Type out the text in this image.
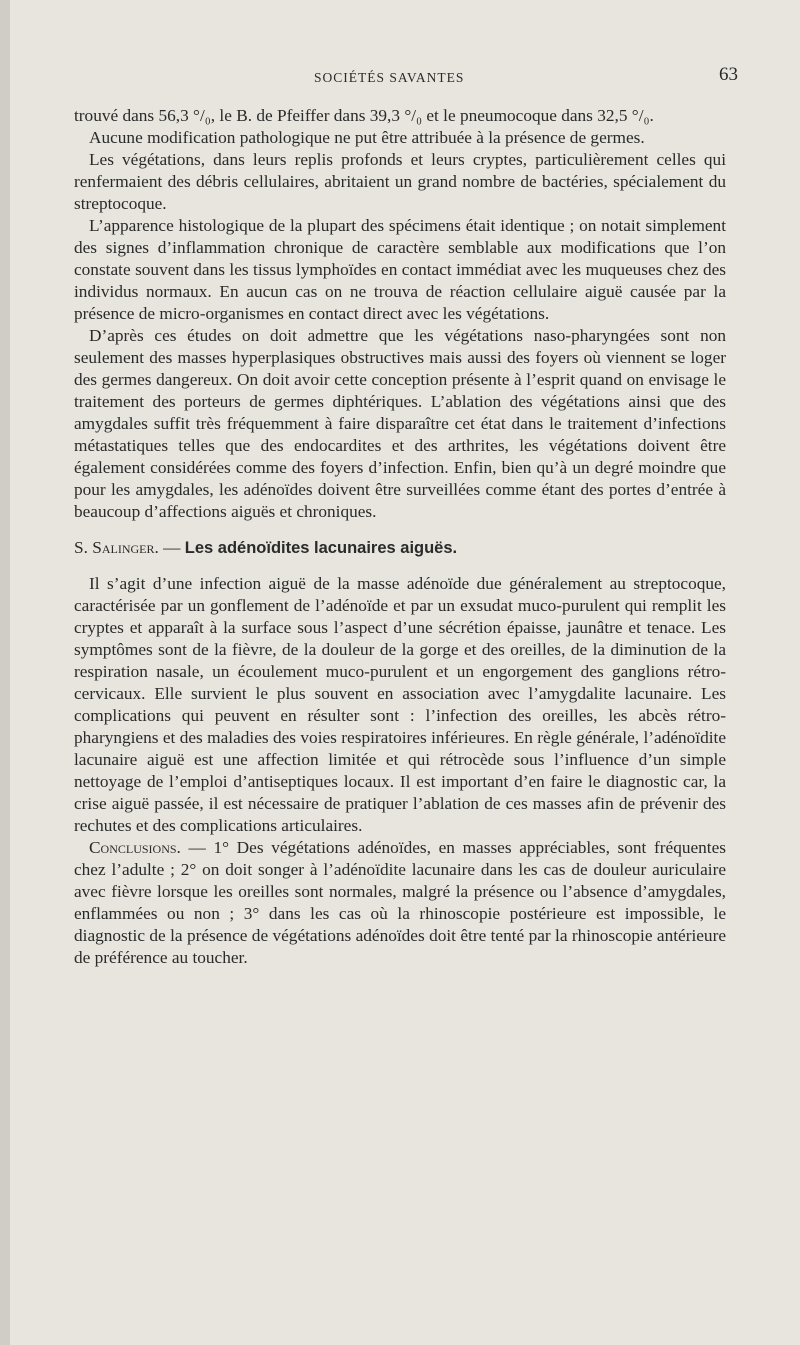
SOCIÉTÉS SAVANTES	63

trouvé dans 56,3 °/₀, le B. de Pfeiffer dans 39,3 °/₀ et le pneumocoque dans 32,5 °/₀.

Aucune modification pathologique ne put être attribuée à la présence de germes.

Les végétations, dans leurs replis profonds et leurs cryptes, particulièrement celles qui renfermaient des débris cellulaires, abritaient un grand nombre de bactéries, spécialement du streptocoque.

L’apparence histologique de la plupart des spécimens était identique ; on notait simplement des signes d’inflammation chronique de caractère semblable aux modifications que l’on constate souvent dans les tissus lymphoïdes en contact immédiat avec les muqueuses chez des individus normaux. En aucun cas on ne trouva de réaction cellulaire aiguë causée par la présence de micro-organismes en contact direct avec les végétations.

D’après ces études on doit admettre que les végétations naso-pharyngées sont non seulement des masses hyperplasiques obstructives mais aussi des foyers où viennent se loger des germes dangereux. On doit avoir cette conception présente à l’esprit quand on envisage le traitement des porteurs de germes diphtériques. L’ablation des végétations ainsi que des amygdales suffit très fréquemment à faire disparaître cet état dans le traitement d’infections métastatiques telles que des endocardites et des arthrites, les végétations doivent être également considérées comme des foyers d’infection. Enfin, bien qu’à un degré moindre que pour les amygdales, les adénoïdes doivent être surveillées comme étant des portes d’entrée à beaucoup d’affections aiguës et chroniques.

S. Salinger. — Les adénoïdites lacunaires aiguës.

Il s’agit d’une infection aiguë de la masse adénoïde due généralement au streptocoque, caractérisée par un gonflement de l’adénoïde et par un exsudat muco-purulent qui remplit les cryptes et apparaît à la surface sous l’aspect d’une sécrétion épaisse, jaunâtre et tenace. Les symptômes sont de la fièvre, de la douleur de la gorge et des oreilles, de la diminution de la respiration nasale, un écoulement muco-purulent et un engorgement des ganglions rétro-cervicaux. Elle survient le plus souvent en association avec l’amygdalite lacunaire. Les complications qui peuvent en résulter sont : l’infection des oreilles, les abcès rétro-pharyngiens et des maladies des voies respiratoires inférieures. En règle générale, l’adénoïdite lacunaire aiguë est une affection limitée et qui rétrocède sous l’influence d’un simple nettoyage de l’emploi d’antiseptiques locaux. Il est important d’en faire le diagnostic car, la crise aiguë passée, il est nécessaire de pratiquer l’ablation de ces masses afin de prévenir des rechutes et des complications articulaires.

Conclusions. — 1° Des végétations adénoïdes, en masses appréciables, sont fréquentes chez l’adulte ; 2° on doit songer à l’adénoïdite lacunaire dans les cas de douleur auriculaire avec fièvre lorsque les oreilles sont normales, malgré la présence ou l’absence d’amygdales, enflammées ou non ; 3° dans les cas où la rhinoscopie postérieure est impossible, le diagnostic de la présence de végétations adénoïdes doit être tenté par la rhinoscopie antérieure de préférence au toucher.
